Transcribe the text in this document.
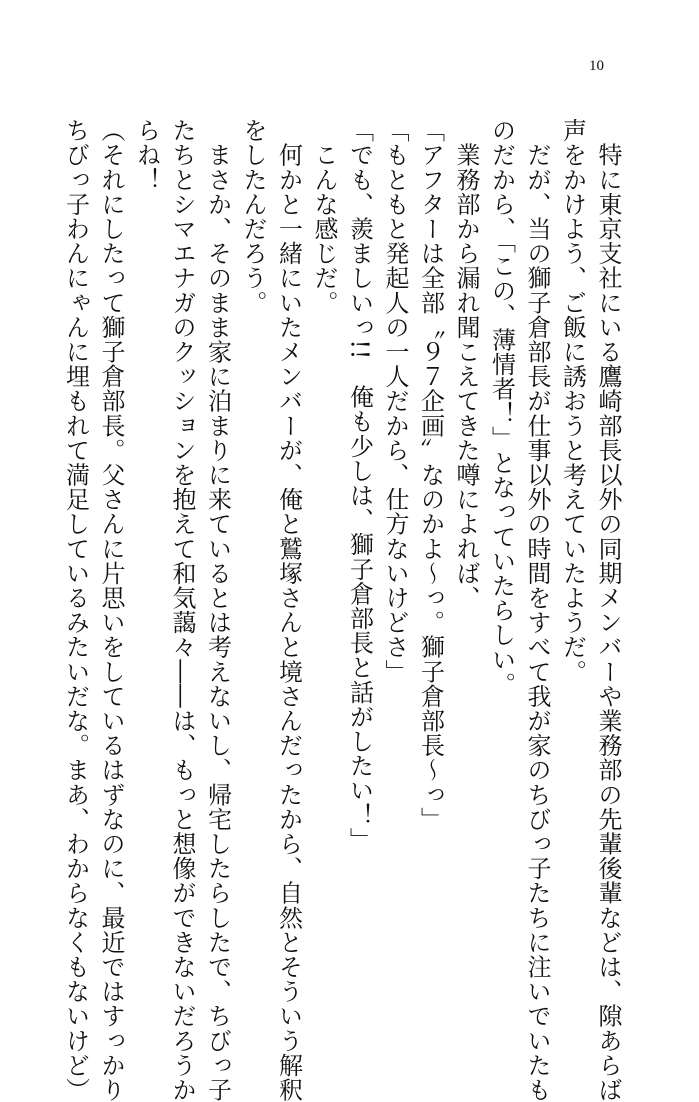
10
　特に東京支社にいる鷹崎部長以外の同期メンバーや業務部の先輩後輩などは、隙あらば
声をかけよう、ご飯に誘おうと考えていたようだ。
　だが、当の獅子倉部長が仕事以外の時間をすべて我が家のちびっ子たちに注いでいたも
のだから、「この、薄情者！」となっていたらしい。
　業務部から漏れ聞こえてきた噂によれば、
「アフターは全部〝９７企画〟なのかよ〜っ。獅子倉部長〜っ」
「もともと発起人の一人だから、仕方ないけどさ」
「でも、羨ましいっ!!　俺も少しは、獅子倉部長と話がしたい！」
　こんな感じだ。
　何かと一緒にいたメンバーが、俺と鷲塚さんと境さんだったから、自然とそういう解釈
をしたんだろう。
　まさか、そのまま家に泊まりに来ているとは考えないし、帰宅したらしたで、ちびっ子
たちとシマエナガのクッションを抱えて和気藹々――は、もっと想像ができないだろうか
らね！
（それにしたって獅子倉部長。父さんに片思いをしているはずなのに、最近ではすっかり
ちびっ子わんにゃんに埋もれて満足しているみたいだな。まあ、わからなくもないけど）
